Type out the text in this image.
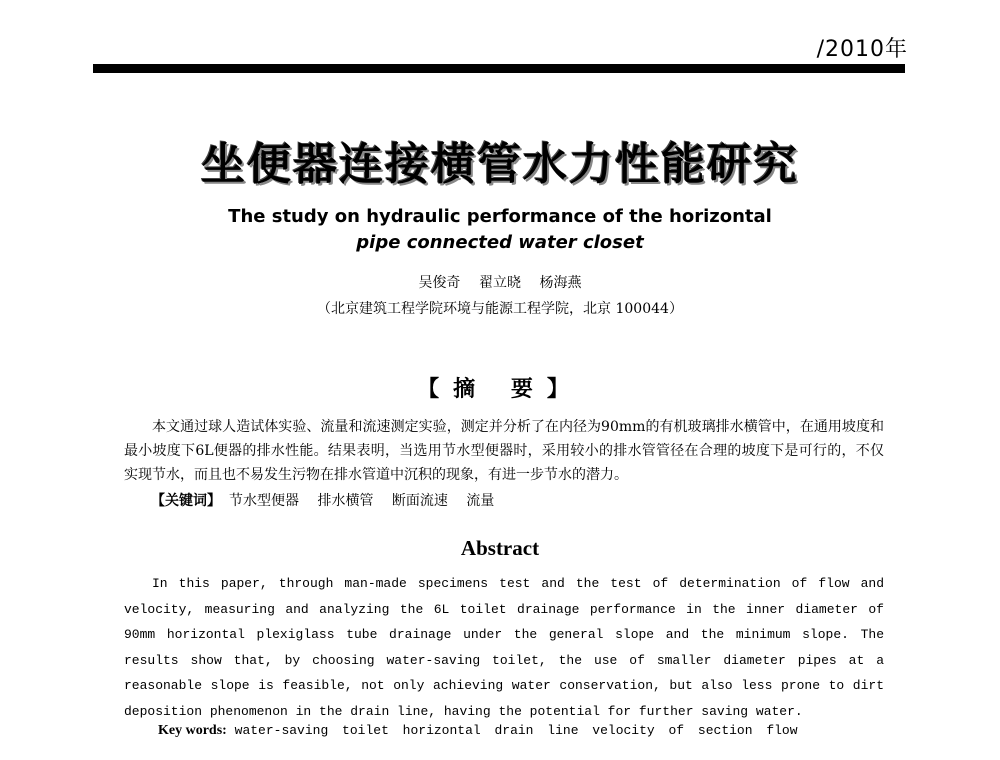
/2010年
坐便器连接横管水力性能研究
The study on hydraulic performance of the horizontal
pipe connected water closet
吴俊奇 翟立晓 杨海燕
（北京建筑工程学院环境与能源工程学院，北京 100044）
【摘 要】
本文通过球人造试体实验、流量和流速测定实验，测定并分析了在内径为90mm的有机玻璃排水横管中，在通用坡度和最小坡度下6L便器的排水性能。结果表明，当选用节水型便器时，采用较小的排水管管径在合理的坡度下是可行的，不仅实现节水，而且也不易发生污物在排水管道中沉积的现象，有进一步节水的潜力。
【关键词】 节水型便器 排水横管 断面流速 流量
Abstract
In this paper, through man-made specimens test and the test of determination of flow and velocity, measuring and analyzing the 6L toilet drainage performance in the inner diameter of 90mm horizontal plexiglass tube drainage under the general slope and the minimum slope. The results show that, by choosing water-saving toilet, the use of smaller diameter pipes at a reasonable slope is feasible, not only achieving water conservation, but also less prone to dirt deposition phenomenon in the drain line, having the potential for further saving water.
Key words: water-saving toilet horizontal drain line velocity of section flow
